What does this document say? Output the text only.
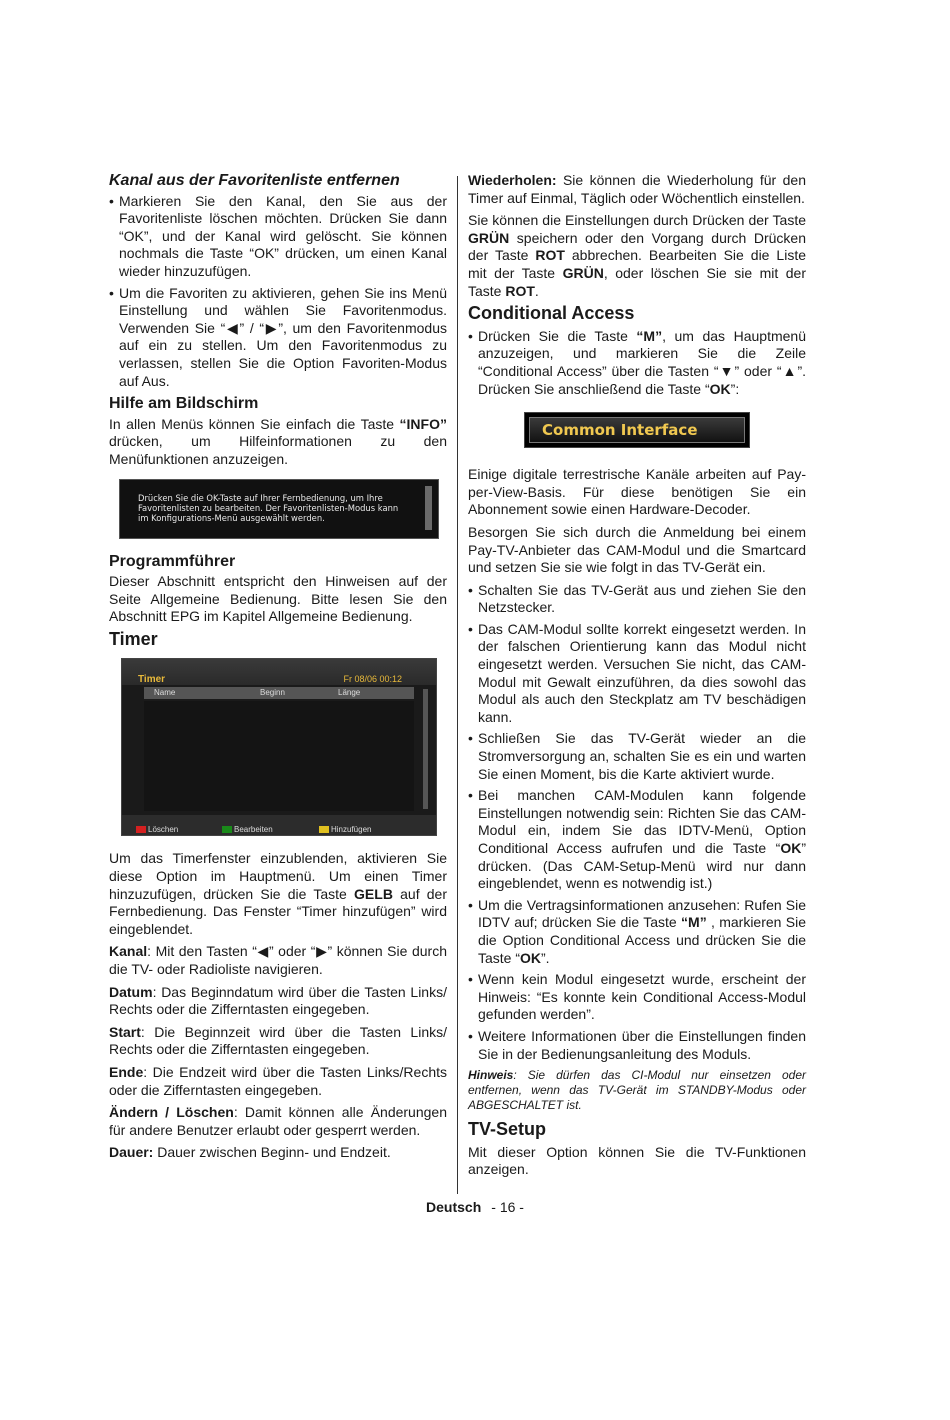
Kanal aus der Favoritenliste entfernen
• Markieren Sie den Kanal, den Sie aus der Favoritenliste löschen möchten. Drücken Sie dann “OK”, und der Kanal wird gelöscht. Sie können nochmals die Taste “OK” drücken, um einen Kanal wieder hinzuzufügen.
• Um die Favoriten zu aktivieren, gehen Sie ins Menü Einstellung und wählen Sie Favoritenmodus. Verwenden Sie “◀” / “▶”, um den Favoritenmodus auf ein zu stellen. Um den Favoritenmodus zu verlassen, stellen Sie die Option Favoriten-Modus auf Aus.
Hilfe am Bildschirm

In allen Menüs können Sie einfach die Taste “INFO” drücken, um Hilfeinformationen zu den Menüfunktionen anzuzeigen.

Drücken Sie die OK-Taste auf Ihrer Fernbedienung, um Ihre Favoritenlisten zu bearbeiten. Der Favoritenlisten-Modus kann im Konfigurations-Menü ausgewählt werden.
Programmführer

Dieser Abschnitt entspricht den Hinweisen auf der Seite Allgemeine Bedienung. Bitte lesen Sie den Abschnitt EPG im Kapitel Allgemeine Bedienung.

Timer
Timer	Fr 08/06 00:12
Name	Beginn	Länge
Löschen	Bearbeiten	Hinzufügen

Um das Timerfenster einzublenden, aktivieren Sie diese Option im Hauptmenü. Um einen Timer hinzuzufügen, drücken Sie die Taste GELB auf der Fernbedienung. Das Fenster “Timer hinzufügen” wird eingeblendet.

Kanal: Mit den Tasten “◀” oder “▶” können Sie durch die TV- oder Radioliste navigieren.

Datum: Das Beginndatum wird über die Tasten Links/ Rechts oder die Zifferntasten eingegeben.

Start: Die Beginnzeit wird über die Tasten Links/ Rechts oder die Zifferntasten eingegeben.

Ende: Die Endzeit wird über die Tasten Links/Rechts oder die Zifferntasten eingegeben.

Ändern / Löschen: Damit können alle Änderungen für andere Benutzer erlaubt oder gesperrt werden.

Dauer: Dauer zwischen Beginn- und Endzeit.

Wiederholen: Sie können die Wiederholung für den Timer auf Einmal, Täglich oder Wöchentlich einstellen.

Sie können die Einstellungen durch Drücken der Taste GRÜN speichern oder den Vorgang durch Drücken der Taste ROT abbrechen. Bearbeiten Sie die Liste mit der Taste GRÜN, oder löschen Sie sie mit der Taste ROT.

Conditional Access
• Drücken Sie die Taste “M”, um das Hauptmenü anzuzeigen, und markieren Sie die Zeile “Conditional Access” über die Tasten “▼” oder “▲”. Drücken Sie anschließend die Taste “OK”:
Common Interface

Einige digitale terrestrische Kanäle arbeiten auf Pay-per-View-Basis. Für diese benötigen Sie ein Abonnement sowie einen Hardware-Decoder.

Besorgen Sie sich durch die Anmeldung bei einem Pay-TV-Anbieter das CAM-Modul und die Smartcard und setzen Sie sie wie folgt in das TV-Gerät ein.

• Schalten Sie das TV-Gerät aus und ziehen Sie den Netzstecker.
• Das CAM-Modul sollte korrekt eingesetzt werden. In der falschen Orientierung kann das Modul nicht eingesetzt werden. Versuchen Sie nicht, das CAM-Modul mit Gewalt einzuführen, da dies sowohl das Modul als auch den Steckplatz am TV beschädigen kann.
• Schließen Sie das TV-Gerät wieder an die Stromversorgung an, schalten Sie es ein und warten Sie einen Moment, bis die Karte aktiviert wurde.
• Bei manchen CAM-Modulen kann folgende Einstellungen notwendig sein: Richten Sie das CAM-Modul ein, indem Sie das IDTV-Menü, Option Conditional Access aufrufen und die Taste “OK” drücken. (Das CAM-Setup-Menü wird nur dann eingeblendet, wenn es notwendig ist.)
• Um die Vertragsinformationen anzusehen: Rufen Sie IDTV auf; drücken Sie die Taste “M” , markieren Sie die Option Conditional Access und drücken Sie die Taste “OK”.
• Wenn kein Modul eingesetzt wurde, erscheint der Hinweis: “Es konnte kein Conditional Access-Modul gefunden werden”.
• Weitere Informationen über die Einstellungen finden Sie in der Bedienungsanleitung des Moduls.

Hinweis: Sie dürfen das CI-Modul nur einsetzen oder entfernen, wenn das TV-Gerät im STANDBY-Modus oder ABGESCHALTET ist.

TV-Setup

Mit dieser Option können Sie die TV-Funktionen anzeigen.

Deutsch - 16 -
